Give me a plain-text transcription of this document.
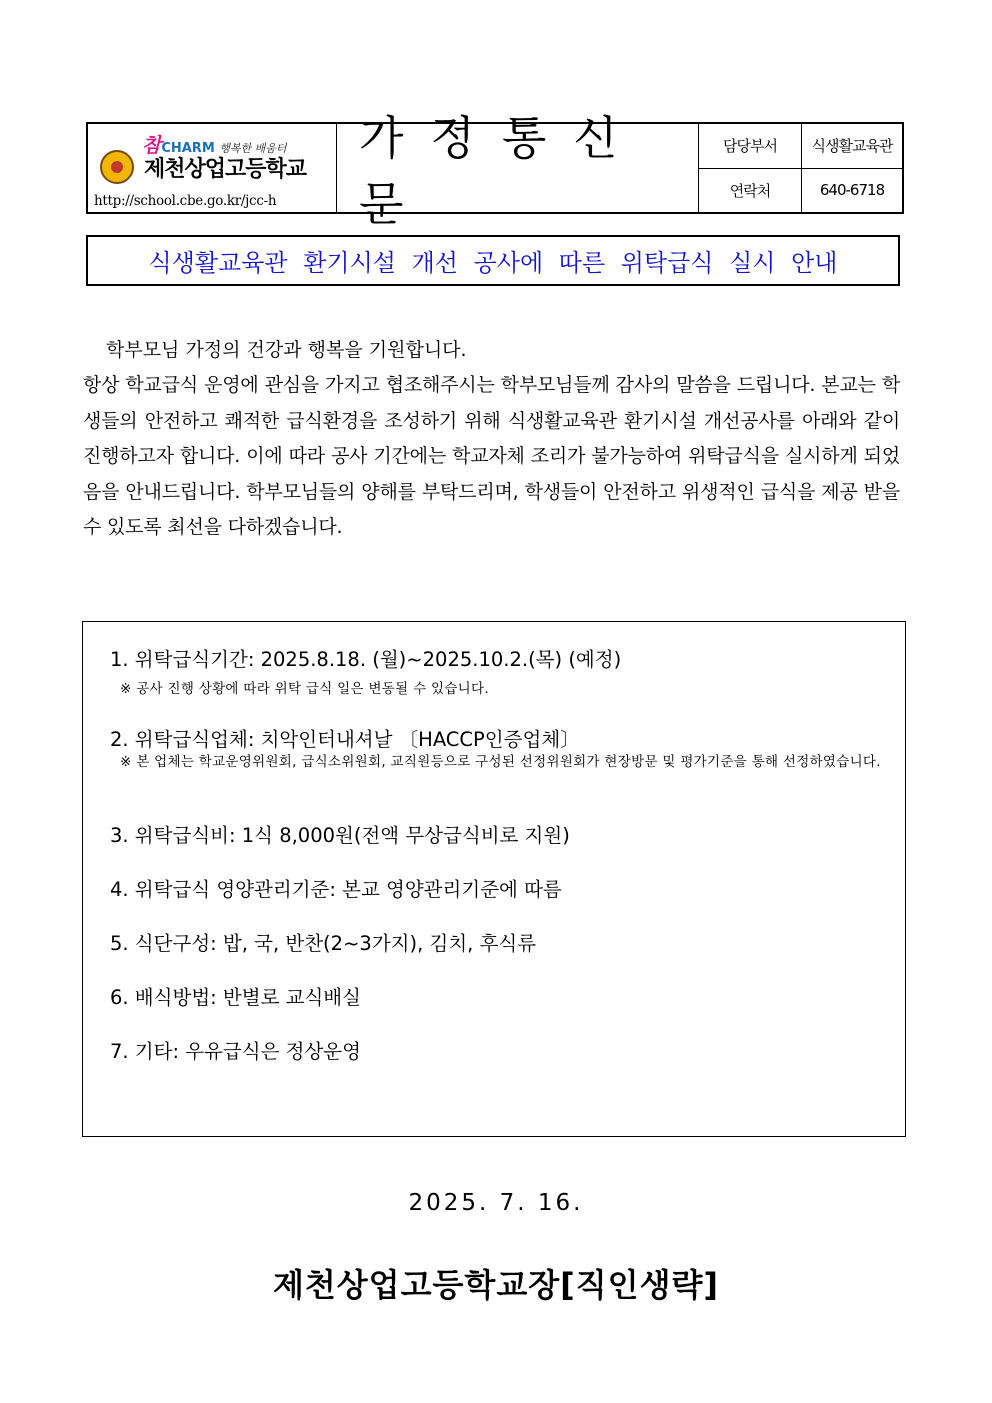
참CHARM 행복한 배움터
제천상업고등학교
http://school.cbe.go.kr/jcc-h
가정통신문
담당부서	식생활교육관
연락처	640-6718
식생활교육관 환기시설 개선 공사에 따른 위탁급식 실시 안내
학부모님 가정의 건강과 행복을 기원합니다.
항상 학교급식 운영에 관심을 가지고 협조해주시는 학부모님들께 감사의 말씀을 드립니다. 본교는 학생들의 안전하고 쾌적한 급식환경을 조성하기 위해 식생활교육관 환기시설 개선공사를 아래와 같이 진행하고자 합니다. 이에 따라 공사 기간에는 학교자체 조리가 불가능하여 위탁급식을 실시하게 되었음을 안내드립니다. 학부모님들의 양해를 부탁드리며, 학생들이 안전하고 위생적인 급식을 제공 받을 수 있도록 최선을 다하겠습니다.
1. 위탁급식기간: 2025.8.18. (월)~2025.10.2.(목) (예정)
※ 공사 진행 상황에 따라 위탁 급식 일은 변동될 수 있습니다.
2. 위탁급식업체: 치악인터내셔날 〔HACCP인증업체〕
※ 본 업체는 학교운영위원회, 급식소위원회, 교직원등으로 구성된 선정위원회가 현장방문 및 평가기준을 통해 선정하였습니다.
3. 위탁급식비: 1식 8,000원(전액 무상급식비로 지원)
4. 위탁급식 영양관리기준: 본교 영양관리기준에 따름
5. 식단구성: 밥, 국, 반찬(2~3가지), 김치, 후식류
6. 배식방법: 반별로 교식배실
7. 기타: 우유급식은 정상운영
2025. 7. 16.
제천상업고등학교장[직인생략]
